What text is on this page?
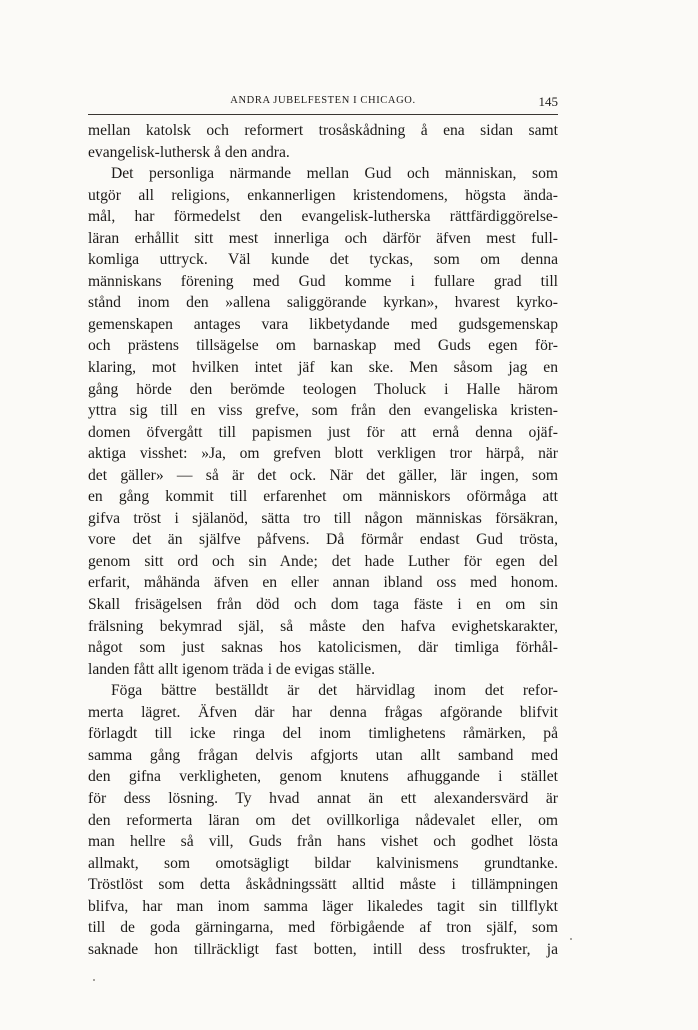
ANDRA JUBELFESTEN I CHICAGO.	145
mellan katolsk och reformert trosåskådning å ena sidan samt
evangelisk-luthersk å den andra.
Det personliga närmande mellan Gud och människan, som
utgör all religions, enkannerligen kristendomens, högsta ända-
mål, har förmedelst den evangelisk-lutherska rättfärdiggörelse-
läran erhållit sitt mest innerliga och därför äfven mest full-
komliga uttryck. Väl kunde det tyckas, som om denna
människans förening med Gud komme i fullare grad till
stånd inom den »allena saliggörande kyrkan», hvarest kyrko-
gemenskapen antages vara likbetydande med gudsgemenskap
och prästens tillsägelse om barnaskap med Guds egen för-
klaring, mot hvilken intet jäf kan ske. Men såsom jag en
gång hörde den berömde teologen Tholuck i Halle härom
yttra sig till en viss grefve, som från den evangeliska kristen-
domen öfvergått till papismen just för att ernå denna ojäf-
aktiga visshet: »Ja, om grefven blott verkligen tror härpå, när
det gäller» — så är det ock. När det gäller, lär ingen, som
en gång kommit till erfarenhet om människors oförmåga att
gifva tröst i själanöd, sätta tro till någon människas försäkran,
vore det än själfve påfvens. Då förmår endast Gud trösta,
genom sitt ord och sin Ande; det hade Luther för egen del
erfarit, måhända äfven en eller annan ibland oss med honom.
Skall frisägelsen från död och dom taga fäste i en om sin
frälsning bekymrad själ, så måste den hafva evighetskarakter,
något som just saknas hos katolicismen, där timliga förhål-
landen fått allt igenom träda i de evigas ställe.
Föga bättre beställdt är det härvidlag inom det refor-
merta lägret. Äfven där har denna frågas afgörande blifvit
förlagdt till icke ringa del inom timlighetens råmärken, på
samma gång frågan delvis afgjorts utan allt samband med
den gifna verkligheten, genom knutens afhuggande i stället
för dess lösning. Ty hvad annat än ett alexandersvärd är
den reformerta läran om det ovillkorliga nådevalet eller, om
man hellre så vill, Guds från hans vishet och godhet lösta
allmakt, som omotsägligt bildar kalvinismens grundtanke.
Tröstlöst som detta åskådningssätt alltid måste i tillämpningen
blifva, har man inom samma läger likaledes tagit sin tillflykt
till de goda gärningarna, med förbigående af tron själf, som
saknade hon tillräckligt fast botten, intill dess trosfrukter, ja
